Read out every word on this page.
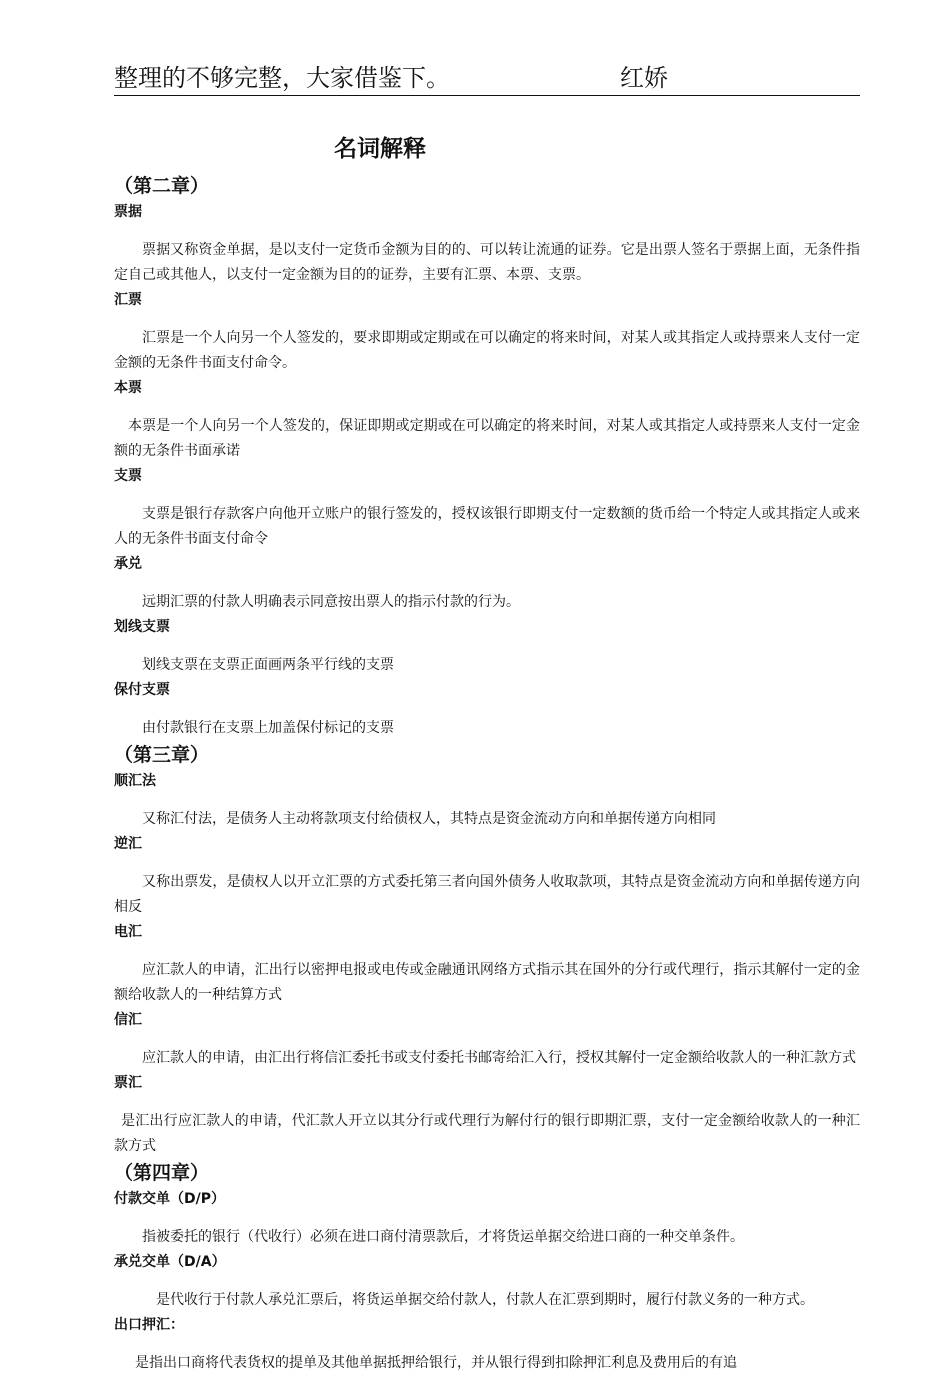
整理的不够完整，大家借鉴下。	红娇
名词解释
（第二章）
票据

票据又称资金单据，是以支付一定货币金额为目的的、可以转让流通的证券。它是出票人签名于票据上面，无条件指定自己或其他人，以支付一定金额为目的的证券，主要有汇票、本票、支票。

汇票

汇票是一个人向另一个人签发的，要求即期或定期或在可以确定的将来时间，对某人或其指定人或持票来人支付一定金额的无条件书面支付命令。

本票

本票是一个人向另一个人签发的，保证即期或定期或在可以确定的将来时间，对某人或其指定人或持票来人支付一定金额的无条件书面承诺

支票

支票是银行存款客户向他开立账户的银行签发的，授权该银行即期支付一定数额的货币给一个特定人或其指定人或来人的无条件书面支付命令

承兑

远期汇票的付款人明确表示同意按出票人的指示付款的行为。

划线支票

划线支票在支票正面画两条平行线的支票

保付支票

由付款银行在支票上加盖保付标记的支票

（第三章）
顺汇法

又称汇付法，是债务人主动将款项支付给债权人，其特点是资金流动方向和单据传递方向相同

逆汇

又称出票发，是债权人以开立汇票的方式委托第三者向国外债务人收取款项，其特点是资金流动方向和单据传递方向相反

电汇

应汇款人的申请，汇出行以密押电报或电传或金融通讯网络方式指示其在国外的分行或代理行，指示其解付一定的金额给收款人的一种结算方式

信汇

应汇款人的申请，由汇出行将信汇委托书或支付委托书邮寄给汇入行，授权其解付一定金额给收款人的一种汇款方式

票汇

是汇出行应汇款人的申请，代汇款人开立以其分行或代理行为解付行的银行即期汇票，支付一定金额给收款人的一种汇款方式

（第四章）
付款交单（D/P）

指被委托的银行（代收行）必须在进口商付清票款后，才将货运单据交给进口商的一种交单条件。

承兑交单（D/A）

是代收行于付款人承兑汇票后，将货运单据交给付款人，付款人在汇票到期时，履行付款义务的一种方式。

出口押汇：

是指出口商将代表货权的提单及其他单据抵押给银行，并从银行得到扣除押汇利息及费用后的有追
